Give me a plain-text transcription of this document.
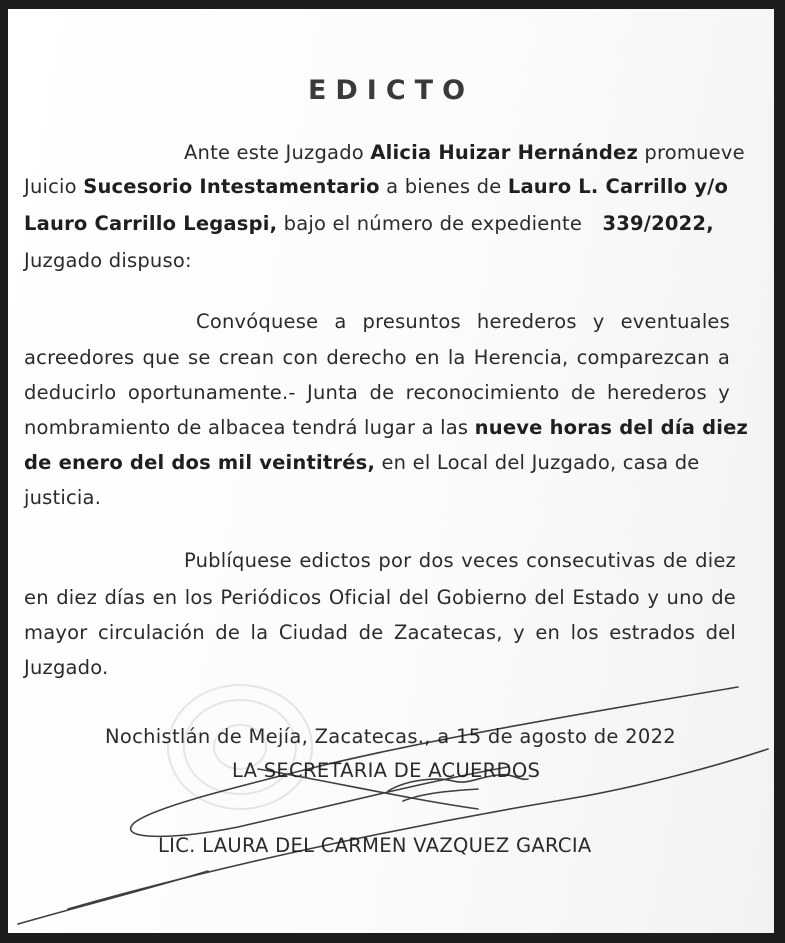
EDICTO
Ante este Juzgado Alicia Huizar Hernández promueve
Juicio Sucesorio Intestamentario a bienes de Lauro L. Carrillo y/o
Lauro Carrillo Legaspi, bajo el número de expediente 339/2022,
Juzgado dispuso:
Convóquese a presuntos herederos y eventuales
acreedores que se crean con derecho en la Herencia, comparezcan a
deducirlo oportunamente.- Junta de reconocimiento de herederos y
nombramiento de albacea tendrá lugar a las nueve horas del día diez
de enero del dos mil veintitrés, en el Local del Juzgado, casa de
justicia.
Publíquese edictos por dos veces consecutivas de diez
en diez días en los Periódicos Oficial del Gobierno del Estado y uno de
mayor circulación de la Ciudad de Zacatecas, y en los estrados del
Juzgado.
Nochistlán de Mejía, Zacatecas., a 15 de agosto de 2022
LA SECRETARIA DE ACUERDOS
LIC. LAURA DEL CARMEN VAZQUEZ GARCIA
